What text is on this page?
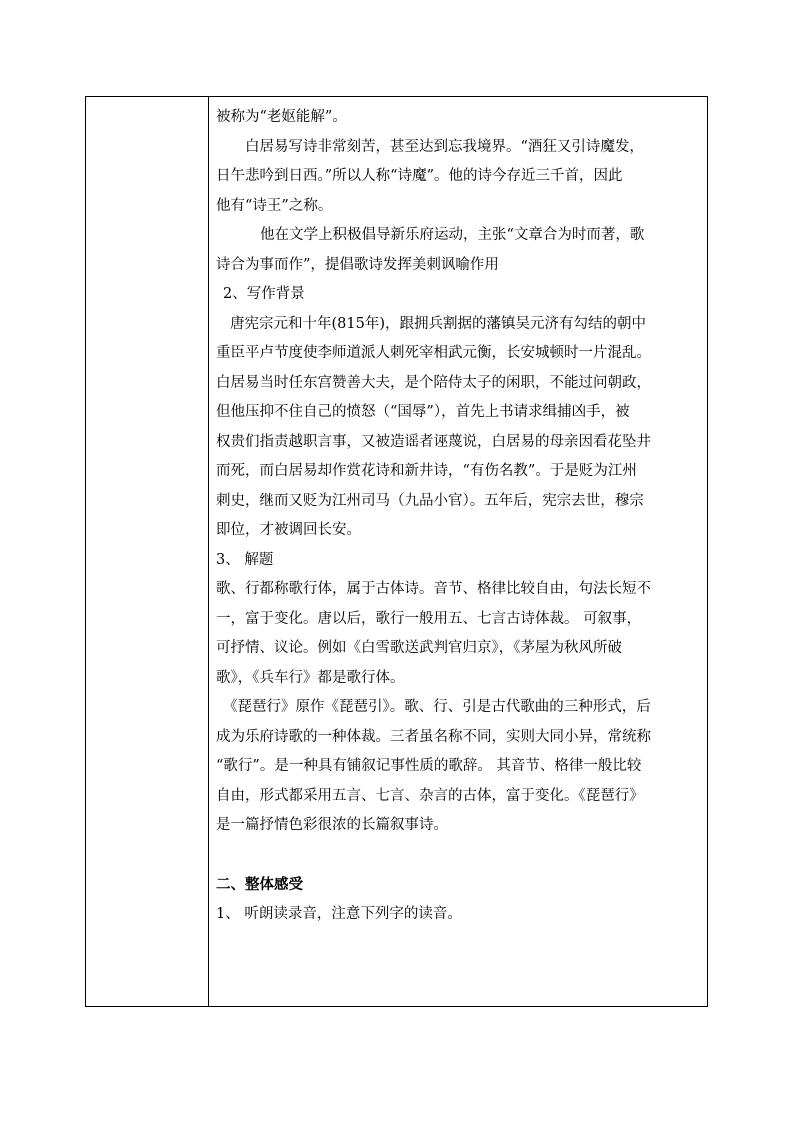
被称为“老妪能解”。
白居易写诗非常刻苦，甚至达到忘我境界。“酒狂又引诗魔发，
日午悲吟到日西。”所以人称“诗魔”。他的诗今存近三千首，因此
他有“诗王”之称。
他在文学上积极倡导新乐府运动，主张“文章合为时而著，歌
诗合为事而作”，提倡歌诗发挥美刺讽喻作用
2、写作背景
唐宪宗元和十年(815年)，跟拥兵割据的藩镇吴元济有勾结的朝中
重臣平卢节度使李师道派人刺死宰相武元衡，长安城顿时一片混乱。
白居易当时任东宫赞善大夫，是个陪侍太子的闲职，不能过问朝政，
但他压抑不住自己的愤怒（“国辱”），首先上书请求缉捕凶手，被
权贵们指责越职言事，又被造谣者诬蔑说，白居易的母亲因看花坠井
而死，而白居易却作赏花诗和新井诗，“有伤名教”。于是贬为江州
刺史，继而又贬为江州司马（九品小官）。五年后，宪宗去世，穆宗
即位，才被调回长安。
3、 解题
歌、行都称歌行体，属于古体诗。音节、格律比较自由，句法长短不
一，富于变化。唐以后，歌行一般用五、七言古诗体裁。 可叙事，
可抒情、议论。例如《白雪歌送武判官归京》，《茅屋为秋风所破
歌》，《兵车行》都是歌行体。
《琵琶行》原作《琵琶引》。歌、行、引是古代歌曲的三种形式，后
成为乐府诗歌的一种体裁。三者虽名称不同，实则大同小异，常统称
“歌行”。是一种具有铺叙记事性质的歌辞。 其音节、格律一般比较
自由，形式都采用五言、七言、杂言的古体，富于变化。《琵琶行》
是一篇抒情色彩很浓的长篇叙事诗。
二、整体感受
1、 听朗读录音，注意下列字的读音。
